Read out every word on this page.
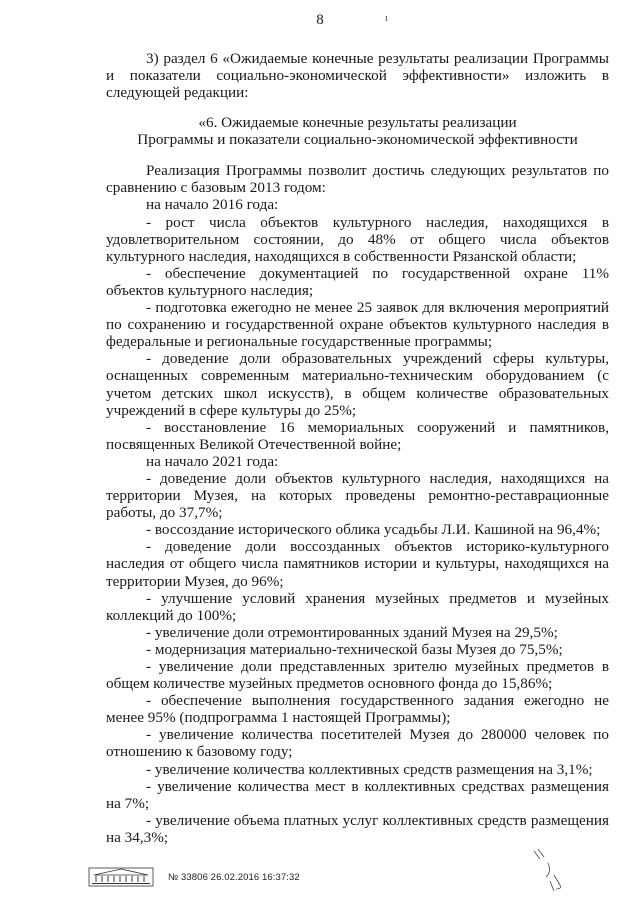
8	ı

3) раздел 6 «Ожидаемые конечные результаты реализации Программы и показатели социально-экономической эффективности» изложить в следующей редакции:

«6. Ожидаемые конечные результаты реализации
Программы и показатели социально-экономической эффективности

Реализация Программы позволит достичь следующих результатов по сравнению с базовым 2013 годом:

на начало 2016 года:

- рост числа объектов культурного наследия, находящихся в удовлетворительном состоянии, до 48% от общего числа объектов культурного наследия, находящихся в собственности Рязанской области;

- обеспечение документацией по государственной охране 11% объектов культурного наследия;

- подготовка ежегодно не менее 25 заявок для включения мероприятий по сохранению и государственной охране объектов культурного наследия в федеральные и региональные государственные программы;

- доведение доли образовательных учреждений сферы культуры, оснащенных современным материально-техническим оборудованием (с учетом детских школ искусств), в общем количестве образовательных учреждений в сфере культуры до 25%;

- восстановление 16 мемориальных сооружений и памятников, посвященных Великой Отечественной войне;

на начало 2021 года:

- доведение доли объектов культурного наследия, находящихся на территории Музея, на которых проведены ремонтно-реставрационные работы, до 37,7%;

- воссоздание исторического облика усадьбы Л.И. Кашиной на 96,4%;

- доведение доли воссозданных объектов историко-культурного наследия от общего числа памятников истории и культуры, находящихся на территории Музея, до 96%;

- улучшение условий хранения музейных предметов и музейных коллекций до 100%;

- увеличение доли отремонтированных зданий Музея на 29,5%;

- модернизация материально-технической базы Музея до 75,5%;

- увеличение доли представленных зрителю музейных предметов в общем количестве музейных предметов основного фонда до 15,86%;

- обеспечение выполнения государственного задания ежегодно не менее 95% (подпрограмма 1 настоящей Программы);

- увеличение количества посетителей Музея до 280000 человек по отношению к базовому году;

- увеличение количества коллективных средств размещения на 3,1%;

- увеличение количества мест в коллективных средствах размещения на 7%;

- увеличение объема платных услуг коллективных средств размещения на 34,3%;

№ 33806 26.02.2016 16:37:32
